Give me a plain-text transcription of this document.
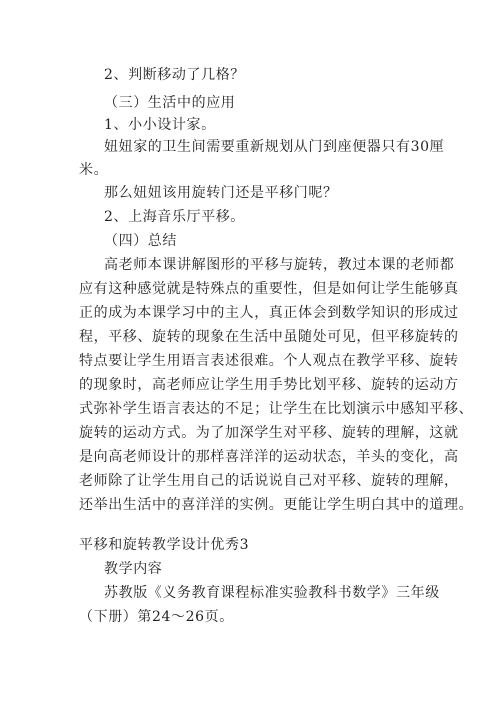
2、判断移动了几格？
（三）生活中的应用
1、小小设计家。
妞妞家的卫生间需要重新规划从门到座便器只有30厘
米。
那么妞妞该用旋转门还是平移门呢？
2、上海音乐厅平移。
（四）总结
高老师本课讲解图形的平移与旋转，教过本课的老师都
应有这种感觉就是特殊点的重要性，但是如何让学生能够真
正的成为本课学习中的主人，真正体会到数学知识的形成过
程，平移、旋转的现象在生活中虽随处可见，但平移旋转的
特点要让学生用语言表述很难。个人观点在教学平移、旋转
的现象时，高老师应让学生用手势比划平移、旋转的运动方
式弥补学生语言表达的不足；让学生在比划演示中感知平移、
旋转的运动方式。为了加深学生对平移、旋转的理解，这就
是向高老师设计的那样喜洋洋的运动状态，羊头的变化，高
老师除了让学生用自己的话说说自己对平移、旋转的理解，
还举出生活中的喜洋洋的实例。更能让学生明白其中的道理。
平移和旋转教学设计优秀3
教学内容
苏教版《义务教育课程标准实验教科书数学》三年级
（下册）第24～26页。
